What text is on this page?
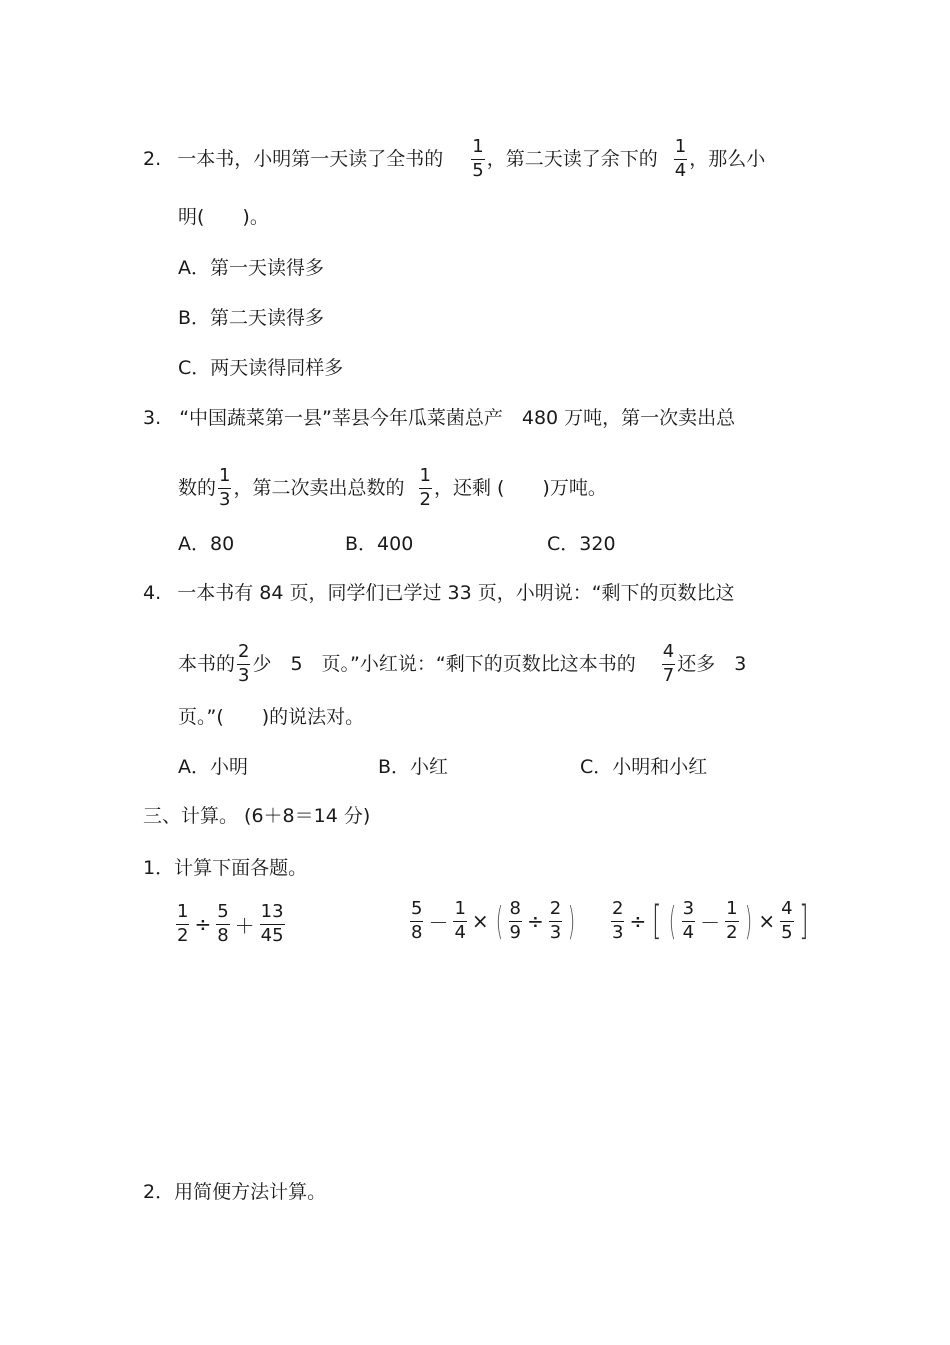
2. 一本书，小明第一天读了全书的 $\frac{1}{5}$ ，第二天读了余下的 $\frac{1}{4}$ ，那么小
明(　　)。
A．第一天读得多
B．第二天读得多
C．两天读得同样多
3. “中国蔬菜第一县”莘县今年瓜菜菌总产　480 万吨，第一次卖出总
数的 $\frac{1}{3}$ ，第二次卖出总数的 $\frac{1}{2}$ ，还剩 (　　)万吨。
A．80	B．400	C．320
4. 一本书有 84 页，同学们已学过 33 页，小明说：“剩下的页数比这
本书的 $\frac{2}{3}$ 少　5　页。”小红说：“剩下的页数比这本书的 $\frac{4}{7}$ 还多　3
页。”(　　)的说法对。
A．小明	B．小红	C．小明和小红
三、计算。 (6＋8＝14 分)
1．计算下面各题。
$\frac{1}{2} \div \frac{5}{8} + \frac{13}{45}$	$\frac{5}{8} - \frac{1}{4}$ × ( $\frac{8}{9} \div \frac{2}{3}$ ) $\frac{2}{3}$ ÷ [ ( $\frac{3}{4} - \frac{1}{2}$ ) × $\frac{4}{5}$ ]
2．用简便方法计算。
